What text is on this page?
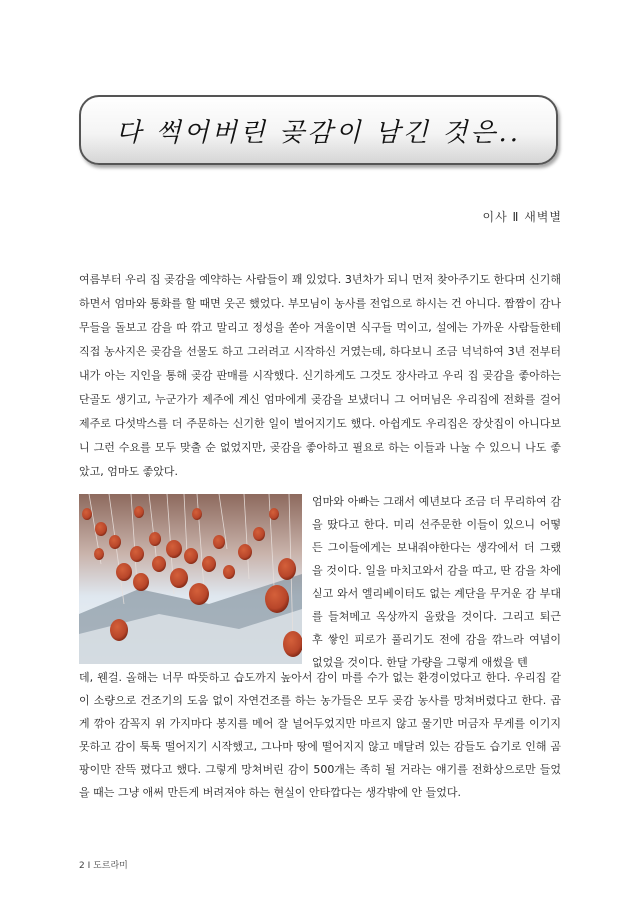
다 썩어버린 곶감이 남긴 것은..
이사 Ⅱ 새벽별

여름부터 우리 집 곶감을 예약하는 사람들이 꽤 있었다. 3년차가 되니 먼저 찾아주기도 한다며 신기해하면서 엄마와 통화를 할 때면 웃곤 했었다. 부모님이 농사를 전업으로 하시는 건 아니다. 짬짬이 감나무들을 돌보고 감을 따 깎고 말리고 정성을 쏟아 겨울이면 식구들 먹이고, 설에는 가까운 사람들한테 직접 농사지은 곶감을 선물도 하고 그러려고 시작하신 거였는데, 하다보니 조금 넉넉하여 3년 전부터 내가 아는 지인을 통해 곶감 판매를 시작했다. 신기하게도 그것도 장사라고 우리 집 곶감을 좋아하는 단골도 생기고, 누군가가 제주에 계신 엄마에게 곶감을 보냈더니 그 어머님은 우리집에 전화를 걸어 제주로 다섯박스를 더 주문하는 신기한 일이 벌어지기도 했다. 아쉽게도 우리집은 장삿집이 아니다보니 그런 수요를 모두 맞출 순 없었지만, 곶감을 좋아하고 필요로 하는 이들과 나눌 수 있으니 나도 좋았고, 엄마도 좋았다.

엄마와 아빠는 그래서 예년보다 조금 더 무리하여 감을 땄다고 한다. 미리 선주문한 이들이 있으니 어떻든 그이들에게는 보내줘야한다는 생각에서 더 그랬을 것이다. 일을 마치고와서 감을 따고, 딴 감을 차에 싣고 와서 엘리베이터도 없는 계단을 무거운 감 부대를 들쳐메고 옥상까지 올랐을 것이다. 그리고 퇴근 후 쌓인 피로가 풀리기도 전에 감을 깎느라 여념이 없었을 것이다. 한달 가량을 그렇게 애썼을 텐

데, 웬걸. 올해는 너무 따뜻하고 습도까지 높아서 감이 마를 수가 없는 환경이었다고 한다. 우리집 같이 소량으로 건조기의 도움 없이 자연건조를 하는 농가들은 모두 곶감 농사를 망쳐버렸다고 한다. 곱게 깎아 감꼭지 위 가지마다 봉지를 메어 잘 널어두었지만 마르지 않고 물기만 머금자 무게를 이기지 못하고 감이 툭툭 떨어지기 시작했고, 그나마 땅에 떨어지지 않고 매달려 있는 감들도 습기로 인해 곰팡이만 잔뜩 폈다고 했다. 그렇게 망쳐버린 감이 500개는 족히 될 거라는 얘기를 전화상으로만 들었을 때는 그냥 애써 만든게 버려져야 하는 현실이 안타깝다는 생각밖에 안 들었다.

2 Ⅰ 도르라미
